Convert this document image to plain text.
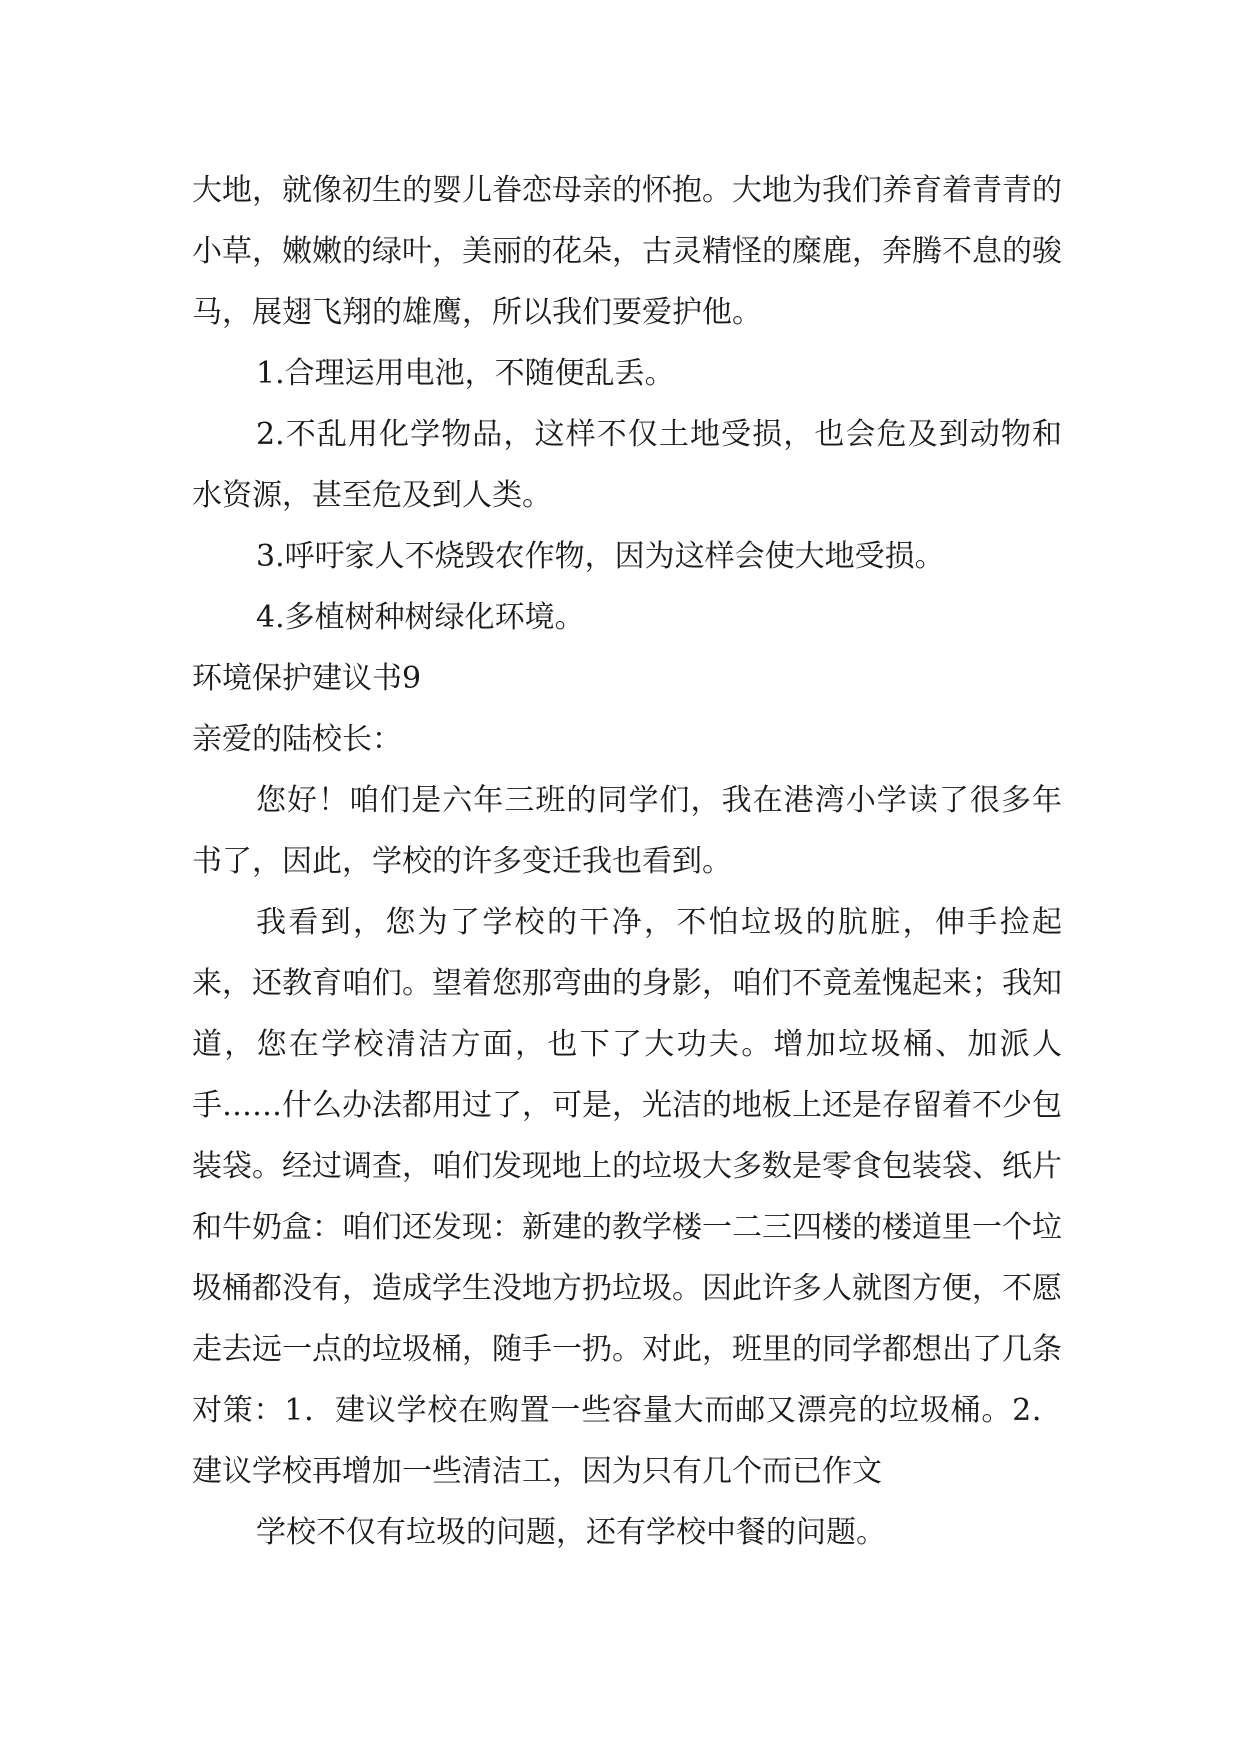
大地，就像初生的婴儿眷恋母亲的怀抱。大地为我们养育着青青的小草，嫩嫩的绿叶，美丽的花朵，古灵精怪的糜鹿，奔腾不息的骏马，展翅飞翔的雄鹰，所以我们要爱护他。

1.合理运用电池，不随便乱丢。

2.不乱用化学物品，这样不仅土地受损，也会危及到动物和水资源，甚至危及到人类。

3.呼吁家人不烧毁农作物，因为这样会使大地受损。

4.多植树种树绿化环境。

环境保护建议书9

亲爱的陆校长：

您好！咱们是六年三班的同学们，我在港湾小学读了很多年书了，因此，学校的许多变迁我也看到。

我看到，您为了学校的干净，不怕垃圾的肮脏，伸手捡起来，还教育咱们。望着您那弯曲的身影，咱们不竟羞愧起来；我知道，您在学校清洁方面，也下了大功夫。增加垃圾桶、加派人手……什么办法都用过了，可是，光洁的地板上还是存留着不少包装袋。经过调查，咱们发现地上的垃圾大多数是零食包装袋、纸片和牛奶盒：咱们还发现：新建的教学楼一二三四楼的楼道里一个垃圾桶都没有，造成学生没地方扔垃圾。因此许多人就图方便，不愿走去远一点的垃圾桶，随手一扔。对此，班里的同学都想出了几条对策：1．建议学校在购置一些容量大而邮又漂亮的垃圾桶。2．建议学校再增加一些清洁工，因为只有几个而已作文

学校不仅有垃圾的问题，还有学校中餐的问题。
